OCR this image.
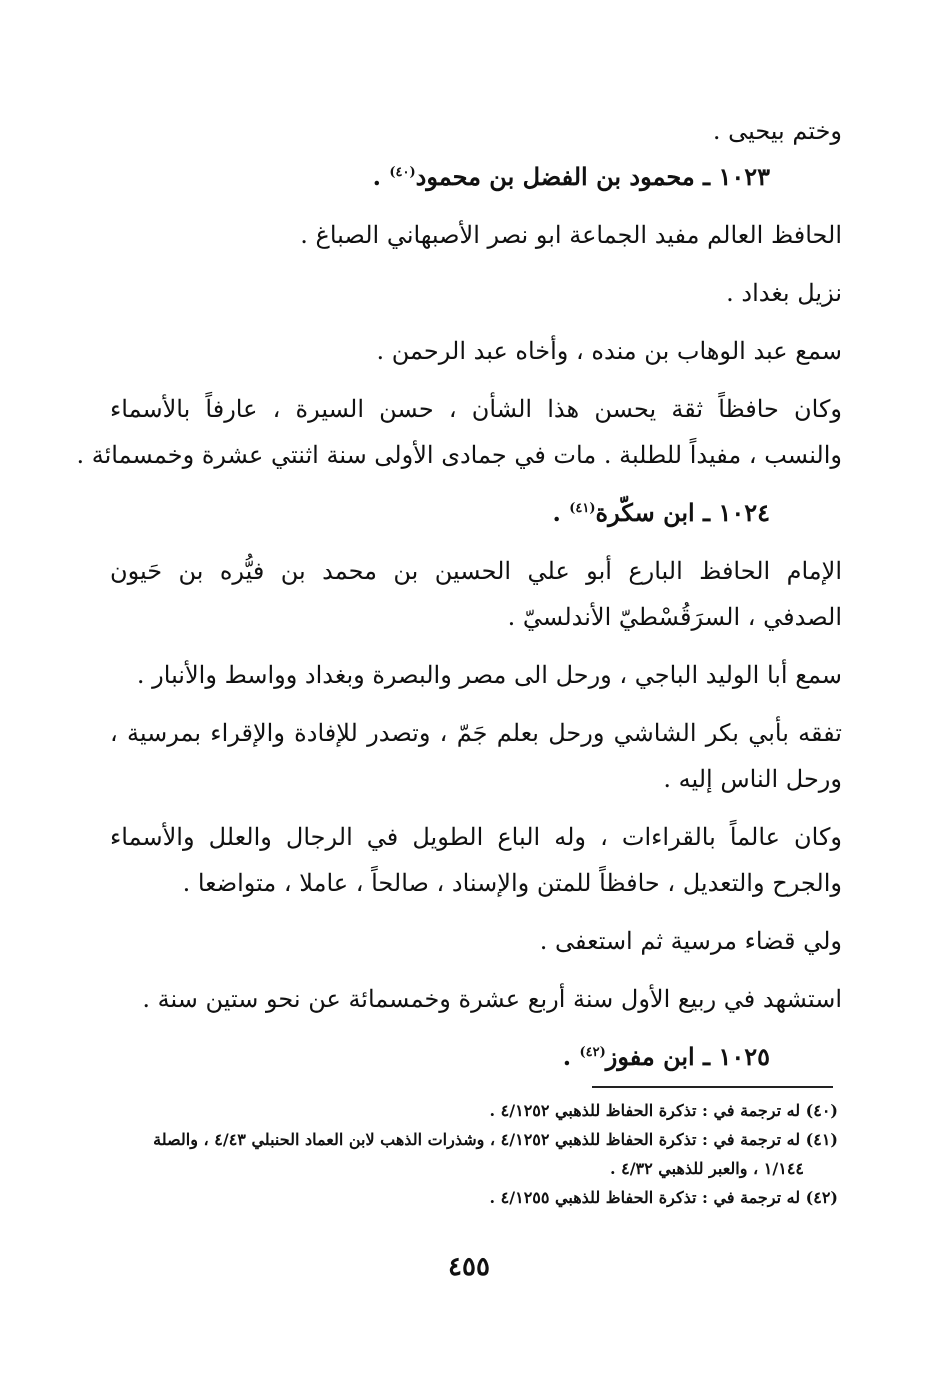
وختم بيحيى .
١٠٢٣ ـ محمود بن الفضل بن محمود$^{(٤٠)}$ .
الحافظ العالم مفيد الجماعة ابو نصر الأصبهاني الصباغ .
نزيل بغداد .
سمع عبد الوهاب بن منده ، وأخاه عبد الرحمن .
وكان حافظاً ثقة يحسن هذا الشأن ، حسن السيرة ، عارفاً بالأسماء
والنسب ، مفيداً للطلبة . مات في جمادى الأولى سنة اثنتي عشرة وخمسمائة .
١٠٢٤ ـ ابن سكّرة$^{(٤١)}$ .
الإمام الحافظ البارع أبو علي الحسين بن محمد بن فيُّره بن حَيون
الصدفي ، السرَقُسْطيّ الأندلسيّ .
سمع أبا الوليد الباجي ، ورحل الى مصر والبصرة وبغداد وواسط والأنبار .
تفقه بأبي بكر الشاشي ورحل بعلم جَمّ ، وتصدر للإفادة والإقراء بمرسية ،
ورحل الناس إليه .
وكان عالماً بالقراءات ، وله الباع الطويل في الرجال والعلل والأسماء
والجرح والتعديل ، حافظاً للمتن والإسناد ، صالحاً ، عاملا ، متواضعا .
ولي قضاء مرسية ثم استعفى .
استشهد في ربيع الأول سنة أربع عشرة وخمسمائة عن نحو ستين سنة .
١٠٢٥ ـ ابن مفوز$^{(٤٢)}$ .
(٤٠) له ترجمة في : تذكرة الحفاظ للذهبي ٤/١٢٥٢ .
(٤١) له ترجمة في : تذكرة الحفاظ للذهبي ٤/١٢٥٢ ، وشذرات الذهب لابن العماد الحنبلي ٤/٤٣ ، والصلة
١/١٤٤ ، والعبر للذهبي ٤/٣٢ .
(٤٢) له ترجمة في : تذكرة الحفاظ للذهبي ٤/١٢٥٥ .
٤٥٥
